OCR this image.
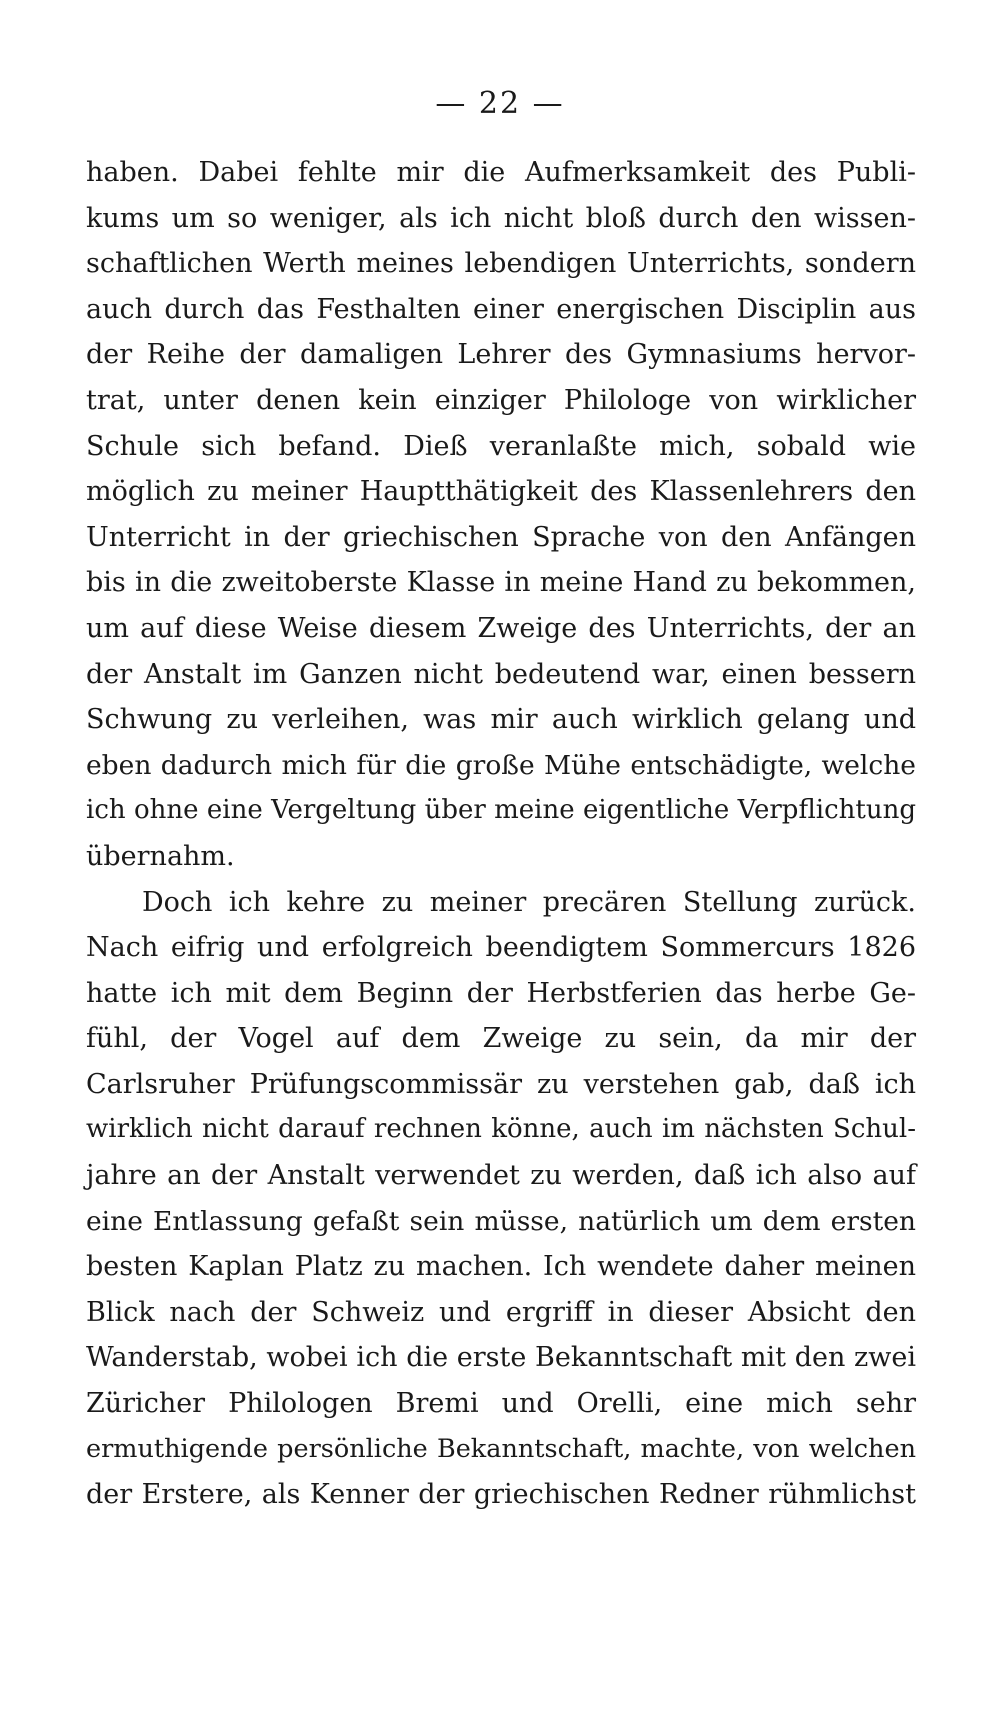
— 22 —

haben. Dabei fehlte mir die Aufmerksamkeit des Publi-
kums um so weniger, als ich nicht bloß durch den wissen-
schaftlichen Werth meines lebendigen Unterrichts, sondern
auch durch das Festhalten einer energischen Disciplin aus
der Reihe der damaligen Lehrer des Gymnasiums hervor-
trat, unter denen kein einziger Philologe von wirklicher
Schule sich befand. Dieß veranlaßte mich, sobald wie
möglich zu meiner Hauptthätigkeit des Klassenlehrers den
Unterricht in der griechischen Sprache von den Anfängen
bis in die zweitoberste Klasse in meine Hand zu bekommen,
um auf diese Weise diesem Zweige des Unterrichts, der an
der Anstalt im Ganzen nicht bedeutend war, einen bessern
Schwung zu verleihen, was mir auch wirklich gelang und
eben dadurch mich für die große Mühe entschädigte, welche
ich ohne eine Vergeltung über meine eigentliche Verpflichtung
übernahm.
Doch ich kehre zu meiner precären Stellung zurück.
Nach eifrig und erfolgreich beendigtem Sommercurs 1826
hatte ich mit dem Beginn der Herbstferien das herbe Ge-
fühl, der Vogel auf dem Zweige zu sein, da mir der
Carlsruher Prüfungscommissär zu verstehen gab, daß ich
wirklich nicht darauf rechnen könne, auch im nächsten Schul-
jahre an der Anstalt verwendet zu werden, daß ich also auf
eine Entlassung gefaßt sein müsse, natürlich um dem ersten
besten Kaplan Platz zu machen. Ich wendete daher meinen
Blick nach der Schweiz und ergriff in dieser Absicht den
Wanderstab, wobei ich die erste Bekanntschaft mit den zwei
Züricher Philologen Bremi und Orelli, eine mich sehr
ermuthigende persönliche Bekanntschaft, machte, von welchen
der Erstere, als Kenner der griechischen Redner rühmlichst
